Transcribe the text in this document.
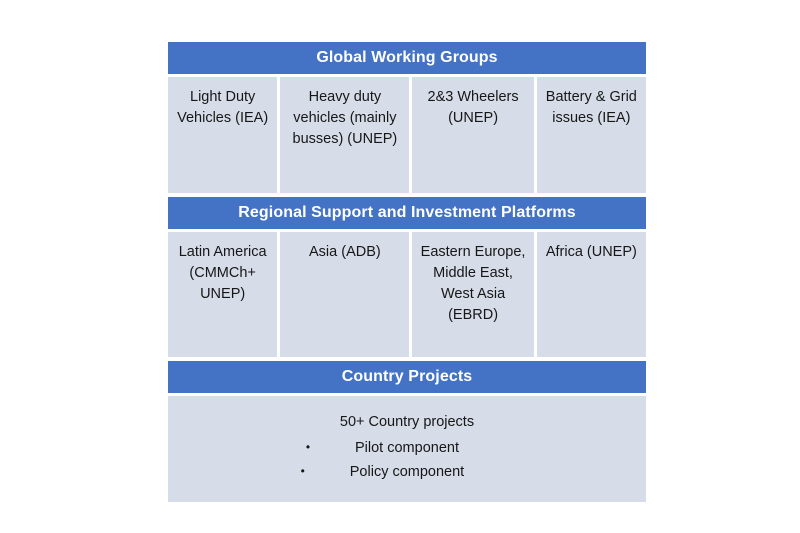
Global Working Groups
Light Duty Vehicles (IEA)
Heavy duty vehicles (mainly busses) (UNEP)
2&3 Wheelers (UNEP)
Battery & Grid issues (IEA)
Regional Support and Investment Platforms
Latin America (CMMCh+ UNEP)
Asia (ADB)	Eastern Europe, Middle East, West Asia (EBRD)
Africa (UNEP)
Country Projects
50+ Country projects
•	Pilot component
•	Policy component
